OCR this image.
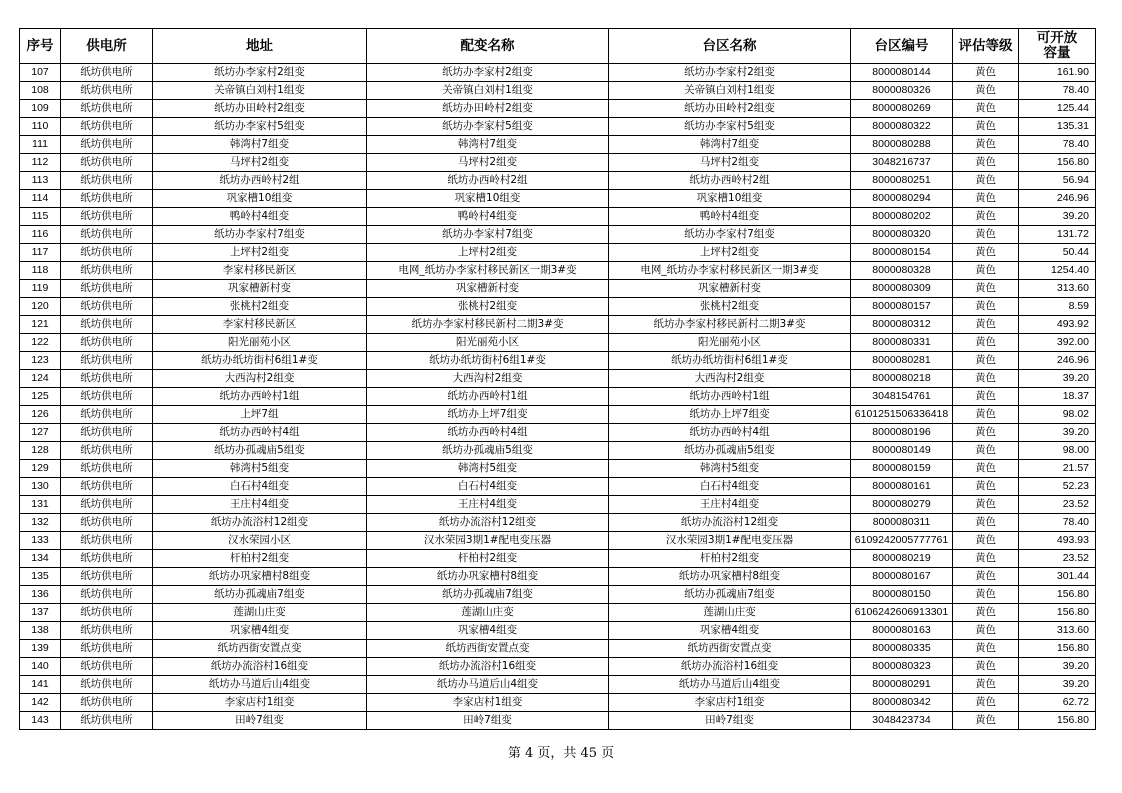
序号	供电所	地址	配变名称	台区名称	台区编号	评估等级	可开放容量
107	纸坊供电所	纸坊办李家村2组变	纸坊办李家村2组变	纸坊办李家村2组变	8000080144	黄色	161.90
108	纸坊供电所	关帝镇白刘村1组变	关帝镇白刘村1组变	关帝镇白刘村1组变	8000080326	黄色	78.40
109	纸坊供电所	纸坊办田岭村2组变	纸坊办田岭村2组变	纸坊办田岭村2组变	8000080269	黄色	125.44
110	纸坊供电所	纸坊办李家村5组变	纸坊办李家村5组变	纸坊办李家村5组变	8000080322	黄色	135.31
111	纸坊供电所	韩湾村7组变	韩湾村7组变	韩湾村7组变	8000080288	黄色	78.40
112	纸坊供电所	马坪村2组变	马坪村2组变	马坪村2组变	3048216737	黄色	156.80
113	纸坊供电所	纸坊办西岭村2组	纸坊办西岭村2组	纸坊办西岭村2组	8000080251	黄色	56.94
114	纸坊供电所	巩家槽10组变	巩家槽10组变	巩家槽10组变	8000080294	黄色	246.96
115	纸坊供电所	鸭岭村4组变	鸭岭村4组变	鸭岭村4组变	8000080202	黄色	39.20
116	纸坊供电所	纸坊办李家村7组变	纸坊办李家村7组变	纸坊办李家村7组变	8000080320	黄色	131.72
117	纸坊供电所	上坪村2组变	上坪村2组变	上坪村2组变	8000080154	黄色	50.44
118	纸坊供电所	李家村移民新区	电网_纸坊办李家村移民新区一期3#变	电网_纸坊办李家村移民新区一期3#变	8000080328	黄色	1254.40
119	纸坊供电所	巩家槽新村变	巩家槽新村变	巩家槽新村变	8000080309	黄色	313.60
120	纸坊供电所	张桃村2组变	张桃村2组变	张桃村2组变	8000080157	黄色	8.59
121	纸坊供电所	李家村移民新区	纸坊办李家村移民新村二期3#变	纸坊办李家村移民新村二期3#变	8000080312	黄色	493.92
122	纸坊供电所	阳光丽苑小区	阳光丽苑小区	阳光丽苑小区	8000080331	黄色	392.00
123	纸坊供电所	纸坊办纸坊街村6组1#变	纸坊办纸坊街村6组1#变	纸坊办纸坊街村6组1#变	8000080281	黄色	246.96
124	纸坊供电所	大西沟村2组变	大西沟村2组变	大西沟村2组变	8000080218	黄色	39.20
125	纸坊供电所	纸坊办西岭村1组	纸坊办西岭村1组	纸坊办西岭村1组	3048154761	黄色	18.37
126	纸坊供电所	上坪7组	纸坊办上坪7组变	纸坊办上坪7组变	6101251506336418	黄色	98.02
127	纸坊供电所	纸坊办西岭村4组	纸坊办西岭村4组	纸坊办西岭村4组	8000080196	黄色	39.20
128	纸坊供电所	纸坊办孤魂庙5组变	纸坊办孤魂庙5组变	纸坊办孤魂庙5组变	8000080149	黄色	98.00
129	纸坊供电所	韩湾村5组变	韩湾村5组变	韩湾村5组变	8000080159	黄色	21.57
130	纸坊供电所	白石村4组变	白石村4组变	白石村4组变	8000080161	黄色	52.23
131	纸坊供电所	王庄村4组变	王庄村4组变	王庄村4组变	8000080279	黄色	23.52
132	纸坊供电所	纸坊办流浴村12组变	纸坊办流浴村12组变	纸坊办流浴村12组变	8000080311	黄色	78.40
133	纸坊供电所	汉水荣园小区	汉水荣园3期1#配电变压器	汉水荣园3期1#配电变压器	6109242005777761	黄色	493.93
134	纸坊供电所	杆柏村2组变	杆柏村2组变	杆柏村2组变	8000080219	黄色	23.52
135	纸坊供电所	纸坊办巩家槽村8组变	纸坊办巩家槽村8组变	纸坊办巩家槽村8组变	8000080167	黄色	301.44
136	纸坊供电所	纸坊办孤魂庙7组变	纸坊办孤魂庙7组变	纸坊办孤魂庙7组变	8000080150	黄色	156.80
137	纸坊供电所	莲湖山庄变	莲湖山庄变	莲湖山庄变	6106242606913301	黄色	156.80
138	纸坊供电所	巩家槽4组变	巩家槽4组变	巩家槽4组变	8000080163	黄色	313.60
139	纸坊供电所	纸坊西街安置点变	纸坊西街安置点变	纸坊西街安置点变	8000080335	黄色	156.80
140	纸坊供电所	纸坊办流浴村16组变	纸坊办流浴村16组变	纸坊办流浴村16组变	8000080323	黄色	39.20
141	纸坊供电所	纸坊办马道后山4组变	纸坊办马道后山4组变	纸坊办马道后山4组变	8000080291	黄色	39.20
142	纸坊供电所	李家店村1组变	李家店村1组变	李家店村1组变	8000080342	黄色	62.72
143	纸坊供电所	田岭7组变	田岭7组变	田岭7组变	3048423734	黄色	156.80
第 4 页，共 45 页
